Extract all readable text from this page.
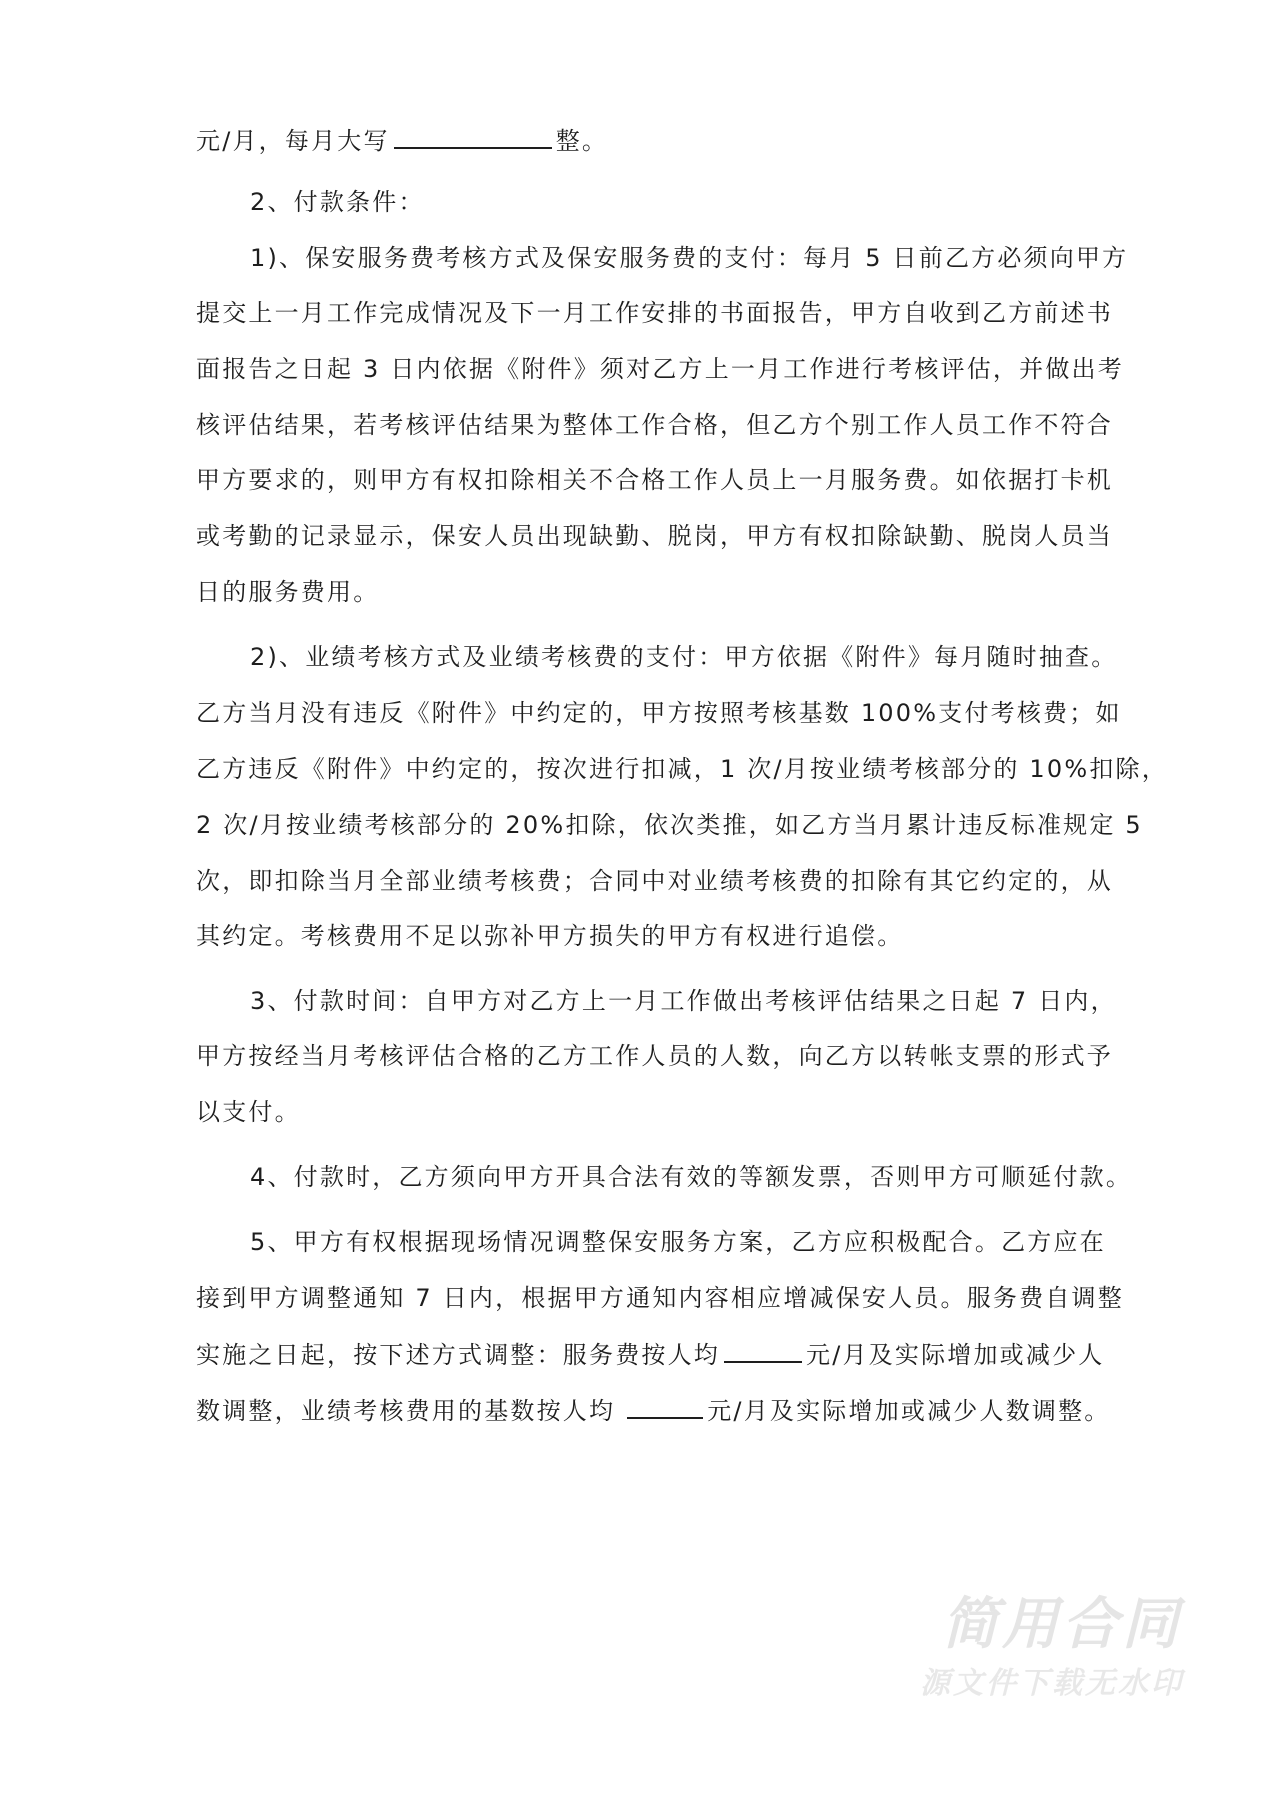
元/月，每月大写	整。
2、付款条件：
1)、保安服务费考核方式及保安服务费的支付：每月 5 日前乙方必须向甲方
提交上一月工作完成情况及下一月工作安排的书面报告，甲方自收到乙方前述书
面报告之日起 3 日内依据《附件》须对乙方上一月工作进行考核评估，并做出考
核评估结果，若考核评估结果为整体工作合格，但乙方个别工作人员工作不符合
甲方要求的，则甲方有权扣除相关不合格工作人员上一月服务费。如依据打卡机
或考勤的记录显示，保安人员出现缺勤、脱岗，甲方有权扣除缺勤、脱岗人员当
日的服务费用。
2)、业绩考核方式及业绩考核费的支付：甲方依据《附件》每月随时抽查。
乙方当月没有违反《附件》中约定的，甲方按照考核基数 100%支付考核费；如
乙方违反《附件》中约定的，按次进行扣减，1 次/月按业绩考核部分的 10%扣除，
2 次/月按业绩考核部分的 20%扣除，依次类推，如乙方当月累计违反标准规定 5
次，即扣除当月全部业绩考核费；合同中对业绩考核费的扣除有其它约定的，从
其约定。考核费用不足以弥补甲方损失的甲方有权进行追偿。
3、付款时间：自甲方对乙方上一月工作做出考核评估结果之日起 7 日内，
甲方按经当月考核评估合格的乙方工作人员的人数，向乙方以转帐支票的形式予
以支付。
4、付款时，乙方须向甲方开具合法有效的等额发票，否则甲方可顺延付款。
5、甲方有权根据现场情况调整保安服务方案，乙方应积极配合。乙方应在
接到甲方调整通知 7 日内，根据甲方通知内容相应增减保安人员。服务费自调整
实施之日起，按下述方式调整：服务费按人均	元/月及实际增加或减少人
数调整，业绩考核费用的基数按人均	元/月及实际增加或减少人数调整。
简用合同
源文件下载无水印
